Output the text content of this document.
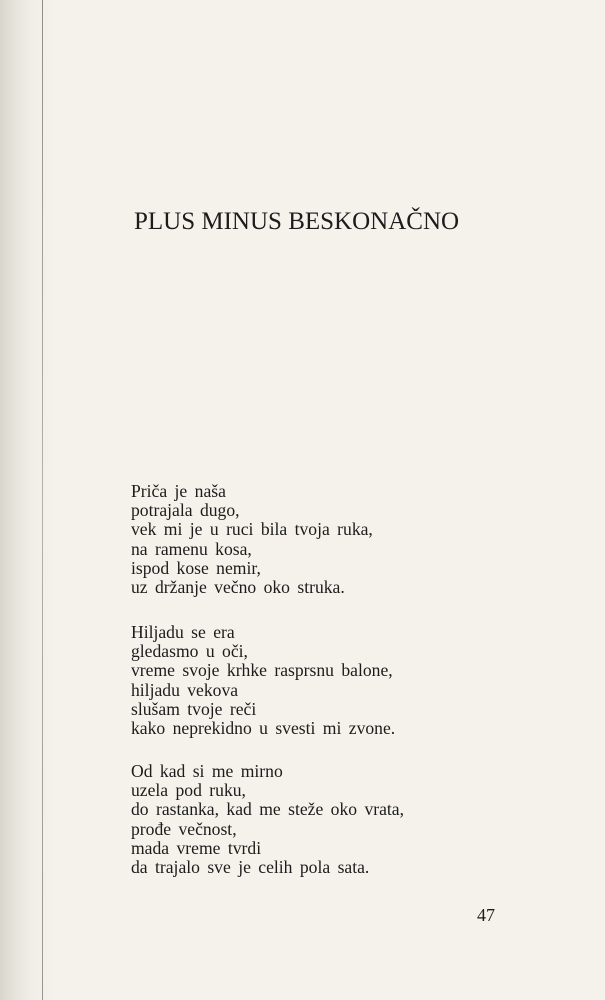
PLUS MINUS BESKONAČNO
Priča je naša
potrajala dugo,
vek mi je u ruci bila tvoja ruka,
na ramenu kosa,
ispod kose nemir,
uz držanje večno oko struka.
Hiljadu se era
gledasmo u oči,
vreme svoje krhke rasprsnu balone,
hiljadu vekova
slušam tvoje reči
kako neprekidno u svesti mi zvone.
Od kad si me mirno
uzela pod ruku,
do rastanka, kad me steže oko vrata,
prođe večnost,
mada vreme tvrdi
da trajalo sve je celih pola sata.
47
